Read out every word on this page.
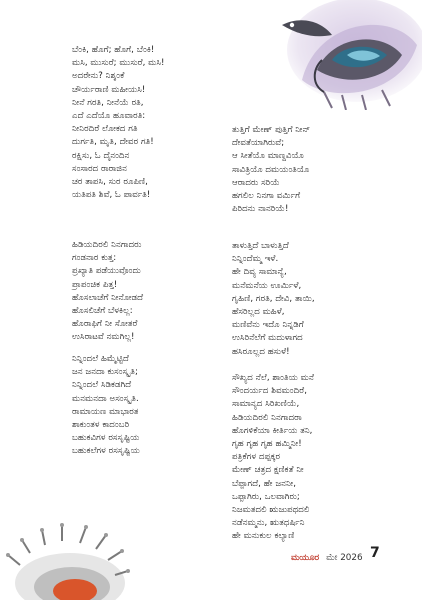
ಬೆಂಕಿ, ಹೊಗೆ; ಹೊಗೆ, ಬೆಂಕಿ!
ಮಸಿ, ಮುಸುರೆ; ಮುಸುರೆ, ಮಸಿ!
ಅದರೇನು? ನಿಶ್ಶಂಕೆ
ಚೌರ್ಯರಾಣಿ ಮಹೀಯಸಿ!
ನೀನೆ ಗರತಿ, ನೀನೆಯೆ ರತಿ,
ಎದೆ ಎದೆಯೊ ಹೂವಾರತಿ:
ನೀನಿರದಿರೆ ಲೋಕದ ಗತಿ
ದುರ್ಗತಿ, ಮೃತಿ, ದೇವರ ಗತಿ!
ರಕ್ಷಿಸು, ಓ ದೈನಂದಿನ
ಸಂಸಾರದ ರಾರಾಜಿನ
ಚರ ತಾಪಸಿ, ಸುರ ರೂಪಿಣಿ,
ಯತಿಪತಿ ಶಿವೆ, ಓ ಪಾರ್ವತಿ!
ಹಿಡಿಯದಿರಲಿ ನಿನಗಾದರು
ಗಂಡನಾರ ಕುತ್ತ:
ಪ್ರಖ್ಯಾತಿ ಪಡೆಯುವೊಂದು
ಪ್ರಾಪಂಚಿಕ ಪಿತ್ತ!
ಹೊಸಲಾಚೆಗೆ ನೀನೋಡದೆ
ಹೊಸಲಿಚೆಗೆ ಬೆಳಕಿಲ್ಲ:
ಹೊರಾಫಿಗೆ ನೀ ಸೋತರೆ
ಉಸಿರಾಟವೆ ನಮಗಿಲ್ಲ!
ನಿನ್ನಿಂದಲೆ ಹಿಮ್ಮೆಟ್ಟಿದೆ
ಜನ ಜನದಾ ಕುಸಂಸ್ಕೃತಿ;
ನಿನ್ನಿಂದಲೆ ಸಿಡಿಕಡಗಿದೆ
ಮನಮನದಾ ಅಸಂಸ್ಕೃತಿ.
ರಾಮಾಯಣ ಮಾಭಾರತ
ಶಾಕುಂತಳ ಕಾದಂಬರಿ
ಬಹುಕವಿಗಳ ರಸಸೃಷ್ಟಿಯ
ಬಹುಕಲೆಗಳ ರಸಸೃಷ್ಟಿಯ
ತುತ್ತಿಗೆ ಮೇಣ್ ಪುತ್ತಿಗೆ ನೀನ್
ದೇವತೆಯಾಗಿರುವೆ;
ಆ ಸೀತೆಯೊ ಮಾಣ್ದವಿಯೊ
ಸಾವಿತ್ರಿಯೊ ದಮಯಂತಿಯೊ
ಆರಾದರು ಸರಿಯೆ
ಹಗಲಿಲ ನಿನಗಾ ವರ್ಮಿಗೆ
ಪಿರಿದನು ನಾನರಿಯೆ!
ತಾಳುತ್ತಿದೆ ಬಾಳುತ್ತಿದೆ
ನಿನ್ನಿಂದೆಮ್ಮ ಇಳೆ.
ಹೇ ದಿವ್ಯ ಸಾಮಾನ್ಯೆ,
ಮನೆಮನೆಯ ಊರ್ಮಿಳೆ,
ಗೃಹಿಣಿ, ಗರತಿ, ದೇವಿ, ತಾಯಿ,
ಹೆಸರಿಲ್ಲದ ಮಹಿಳೆ,
ಮಣಿವೆನು ಇದೊ ನಿನ್ನಡಿಗೆ
ಉಸಿರಿನೆಲೆಗೆ ಮದುಳಾಗದ
ಹಸಿರೂಲ್ಲದ ಹಸುಳೆ!
ಸೌಖ್ಯದ ನೆಲೆ, ಶಾಂತಿಯ ಮನೆ
ಸೌಂದರ್ಯದ ಶಿವಮಂದಿರೆ,
ಸಾಮಾನ್ಯದ ಸಿರಿಖಣಿಯೆ,
ಹಿಡಿಯದಿರಲಿ ನಿನಗಾದರಾ
ಹೊಗಳಿಕೆಯಾ ಕೀರ್ತಿಯ ತನಿ,
ಗೃಹ ಗೃಹ ಗೃಹ ಹಮ್ಮಿನೀ!
ಪತ್ರಿಕೆಗಳ ದಪ್ಪಕ್ಕರ
ಮೇಣ್ ಚತ್ರದ ಕ್ಷಣಿಕತೆ ನೀ
ಬೆಪ್ಪಾಗದೆ, ಹೇ ಜನನೀ,
ಒಪ್ಪಾಗಿರು, ಒಲವಾಗಿರು;
ನಿಜಮತದಲಿ ಋಜುಪಥದಲಿ
ನಡೆನಮ್ಮನು, ಋತಧರ್ಷಿನಿ
ಹೇ ಮನುಕುಲ ಕಲ್ಯಾಣಿ
ಮಯೂರ ಮೇ 2026 7
